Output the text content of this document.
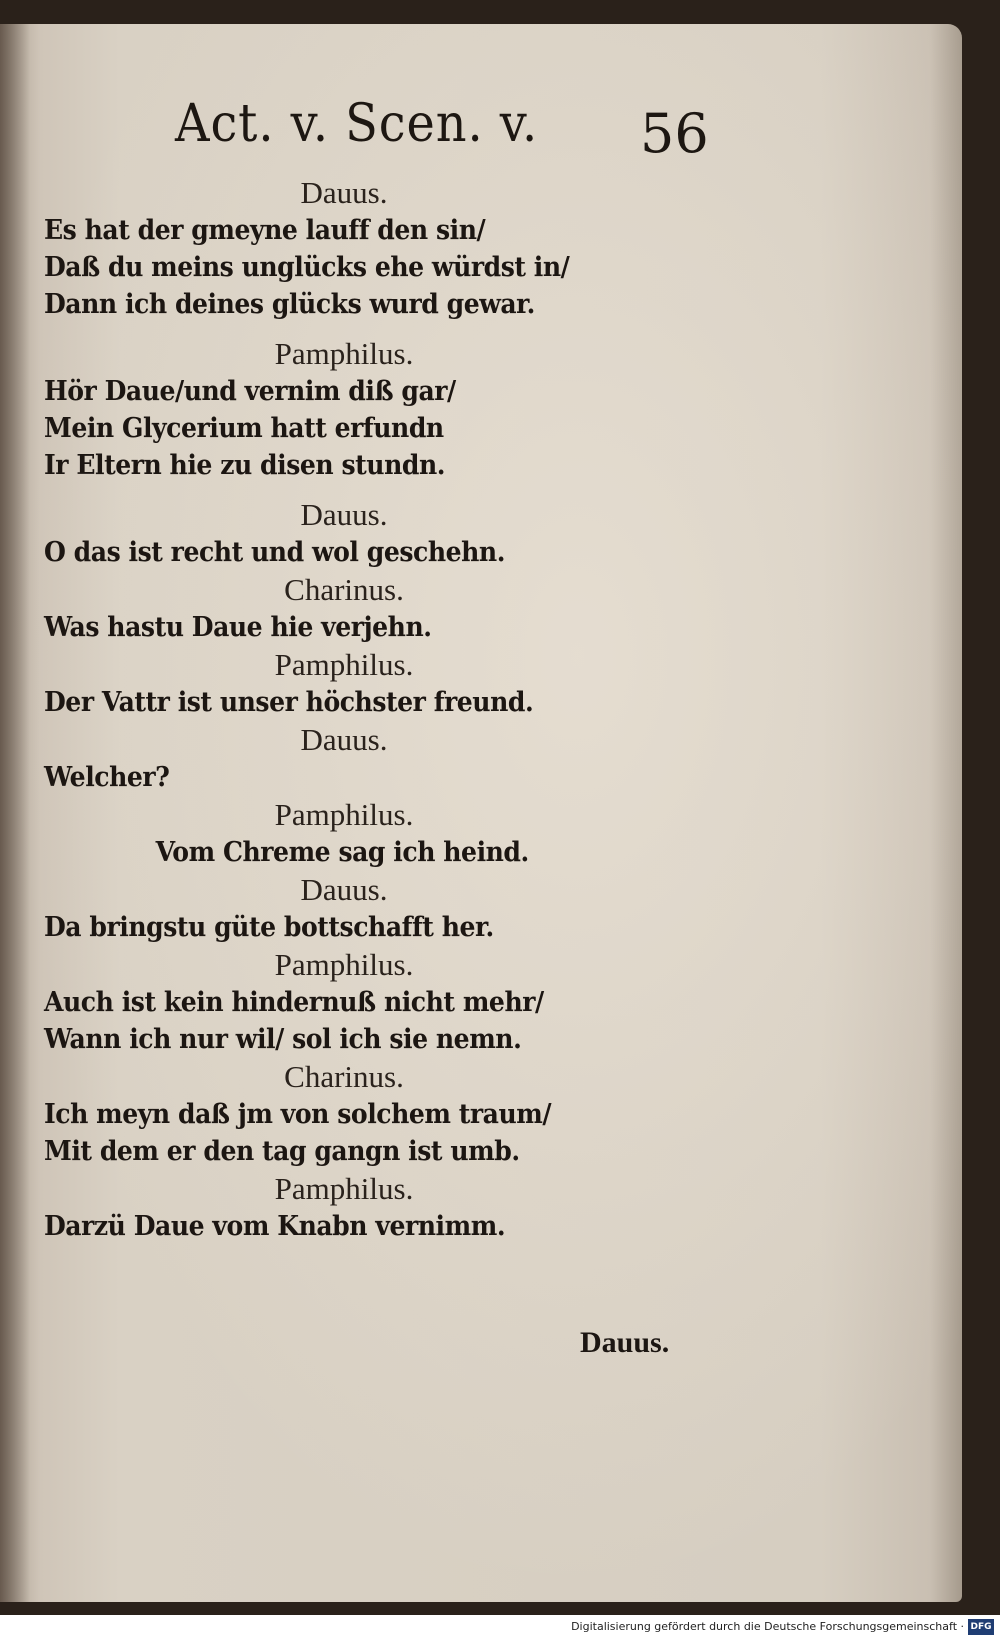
Act. v. Scen. v. 56
Dauus.
Es hat der gmeyne lauff den sin/
Daß du meins unglücks ehe würdst in/
Dann ich deines glücks wurd gewar.
Pamphilus.
Hör Daue/und vernim diß gar/
Mein Glycerium hatt erfundn
Ir Eltern hie zu disen stundn.
Dauus.
O das ist recht und wol geschehn.
Charinus.
Was hastu Daue hie verjehn.
Pamphilus.
Der Vattr ist unser höchster freund.
Dauus.
Welcher?
Pamphilus.
Vom Chreme sag ich heind.
Dauus.
Da bringstu güte bottschafft her.
Pamphilus.
Auch ist kein hindernuß nicht mehr/
Wann ich nur wil/ sol ich sie nemn.
Charinus.
Ich meyn daß jm von solchem traum/
Mit dem er den tag gangn ist umb.
Pamphilus.
Darzü Daue vom Knabn vernimm.
Dauus.
Digitalisierung gefördert durch die Deutsche Forschungsgemeinschaft · DFG
